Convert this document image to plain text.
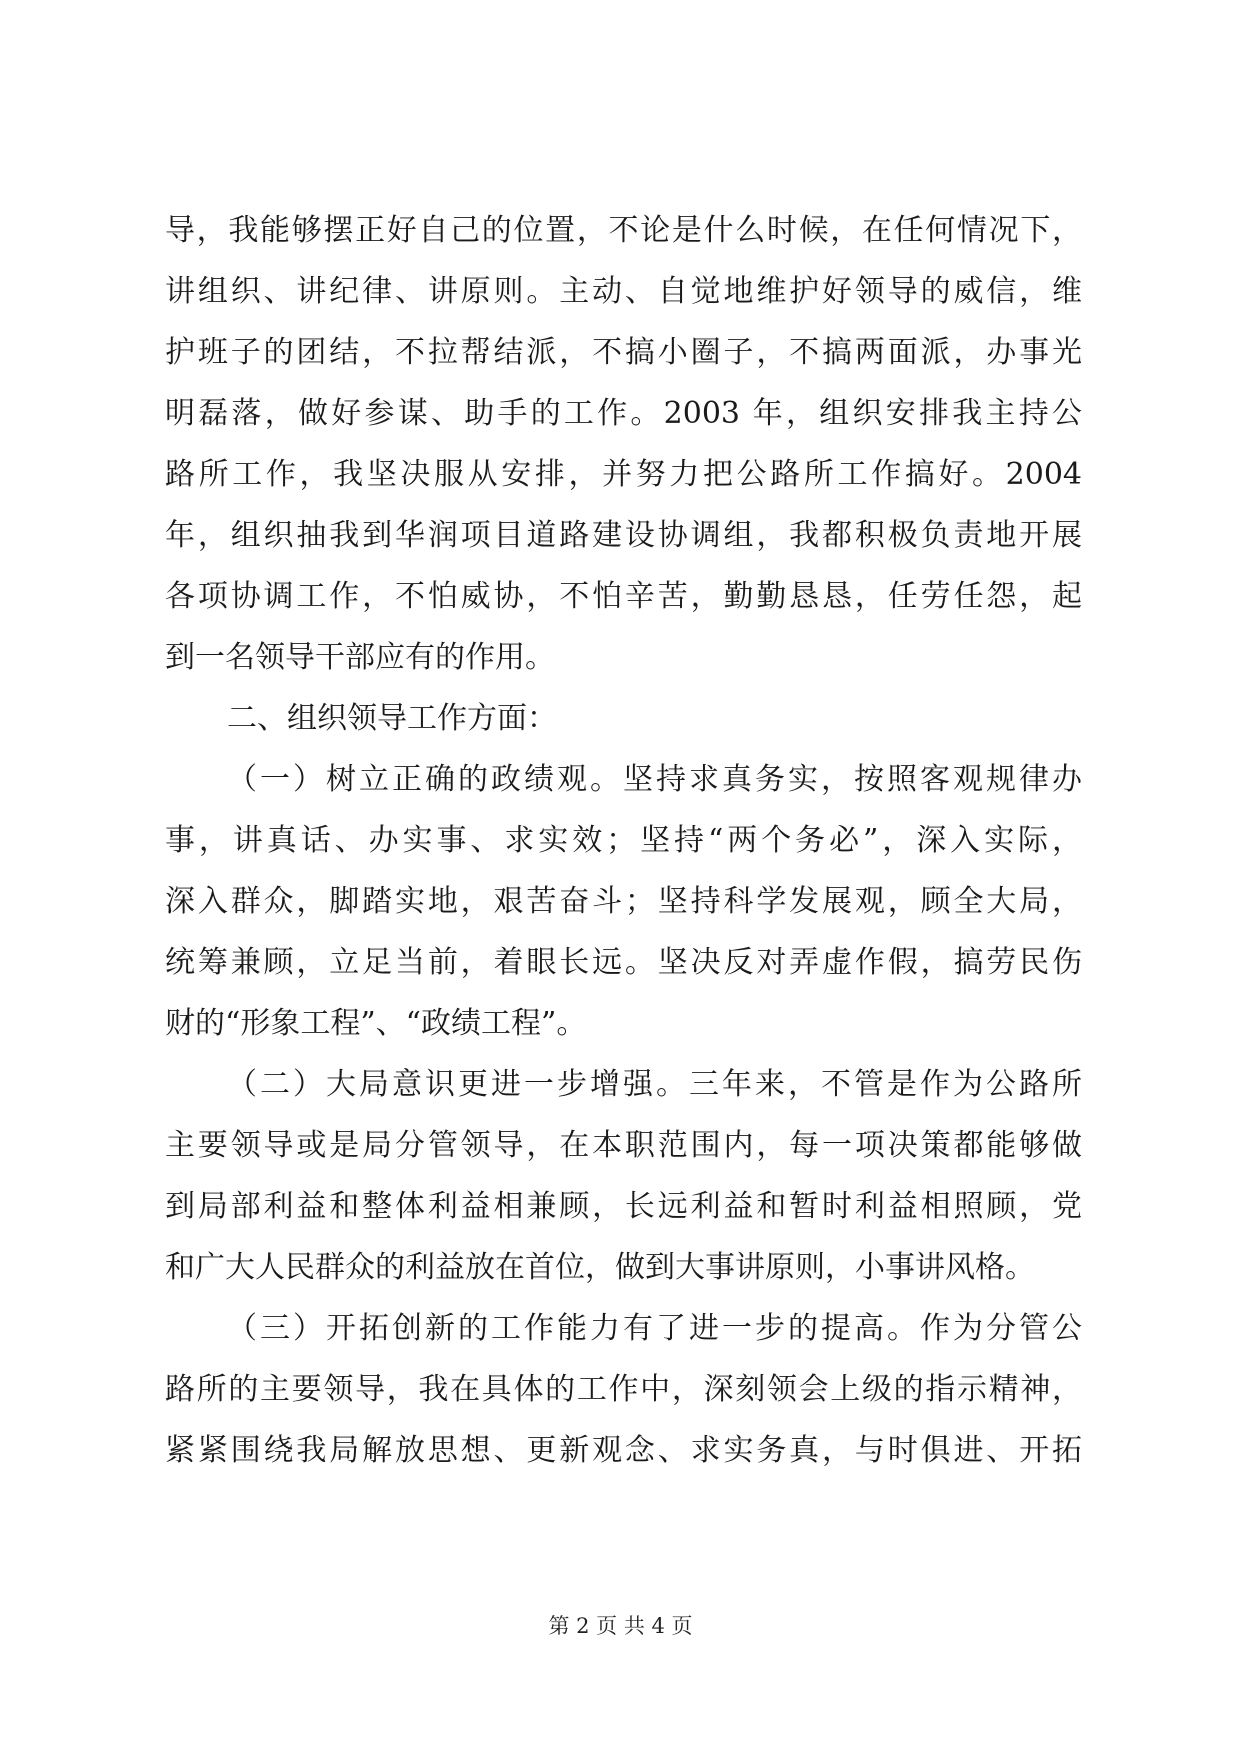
导，我能够摆正好自己的位置，不论是什么时候，在任何情况下，
讲组织、讲纪律、讲原则。主动、自觉地维护好领导的威信，维
护班子的团结，不拉帮结派，不搞小圈子，不搞两面派，办事光
明磊落，做好参谋、助手的工作。2003 年，组织安排我主持公
路所工作，我坚决服从安排，并努力把公路所工作搞好。2004
年，组织抽我到华润项目道路建设协调组，我都积极负责地开展
各项协调工作，不怕威协，不怕辛苦，勤勤恳恳，任劳任怨，起
到一名领导干部应有的作用。
二、组织领导工作方面：
（一）树立正确的政绩观。坚持求真务实，按照客观规律办
事，讲真话、办实事、求实效；坚持“两个务必”，深入实际，
深入群众，脚踏实地，艰苦奋斗；坚持科学发展观，顾全大局，
统筹兼顾，立足当前，着眼长远。坚决反对弄虚作假，搞劳民伤
财的“形象工程”、“政绩工程”。
（二）大局意识更进一步增强。三年来，不管是作为公路所
主要领导或是局分管领导，在本职范围内，每一项决策都能够做
到局部利益和整体利益相兼顾，长远利益和暂时利益相照顾，党
和广大人民群众的利益放在首位，做到大事讲原则，小事讲风格。
（三）开拓创新的工作能力有了进一步的提高。作为分管公
路所的主要领导，我在具体的工作中，深刻领会上级的指示精神，
紧紧围绕我局解放思想、更新观念、求实务真，与时俱进、开拓
第 2 页 共 4 页
